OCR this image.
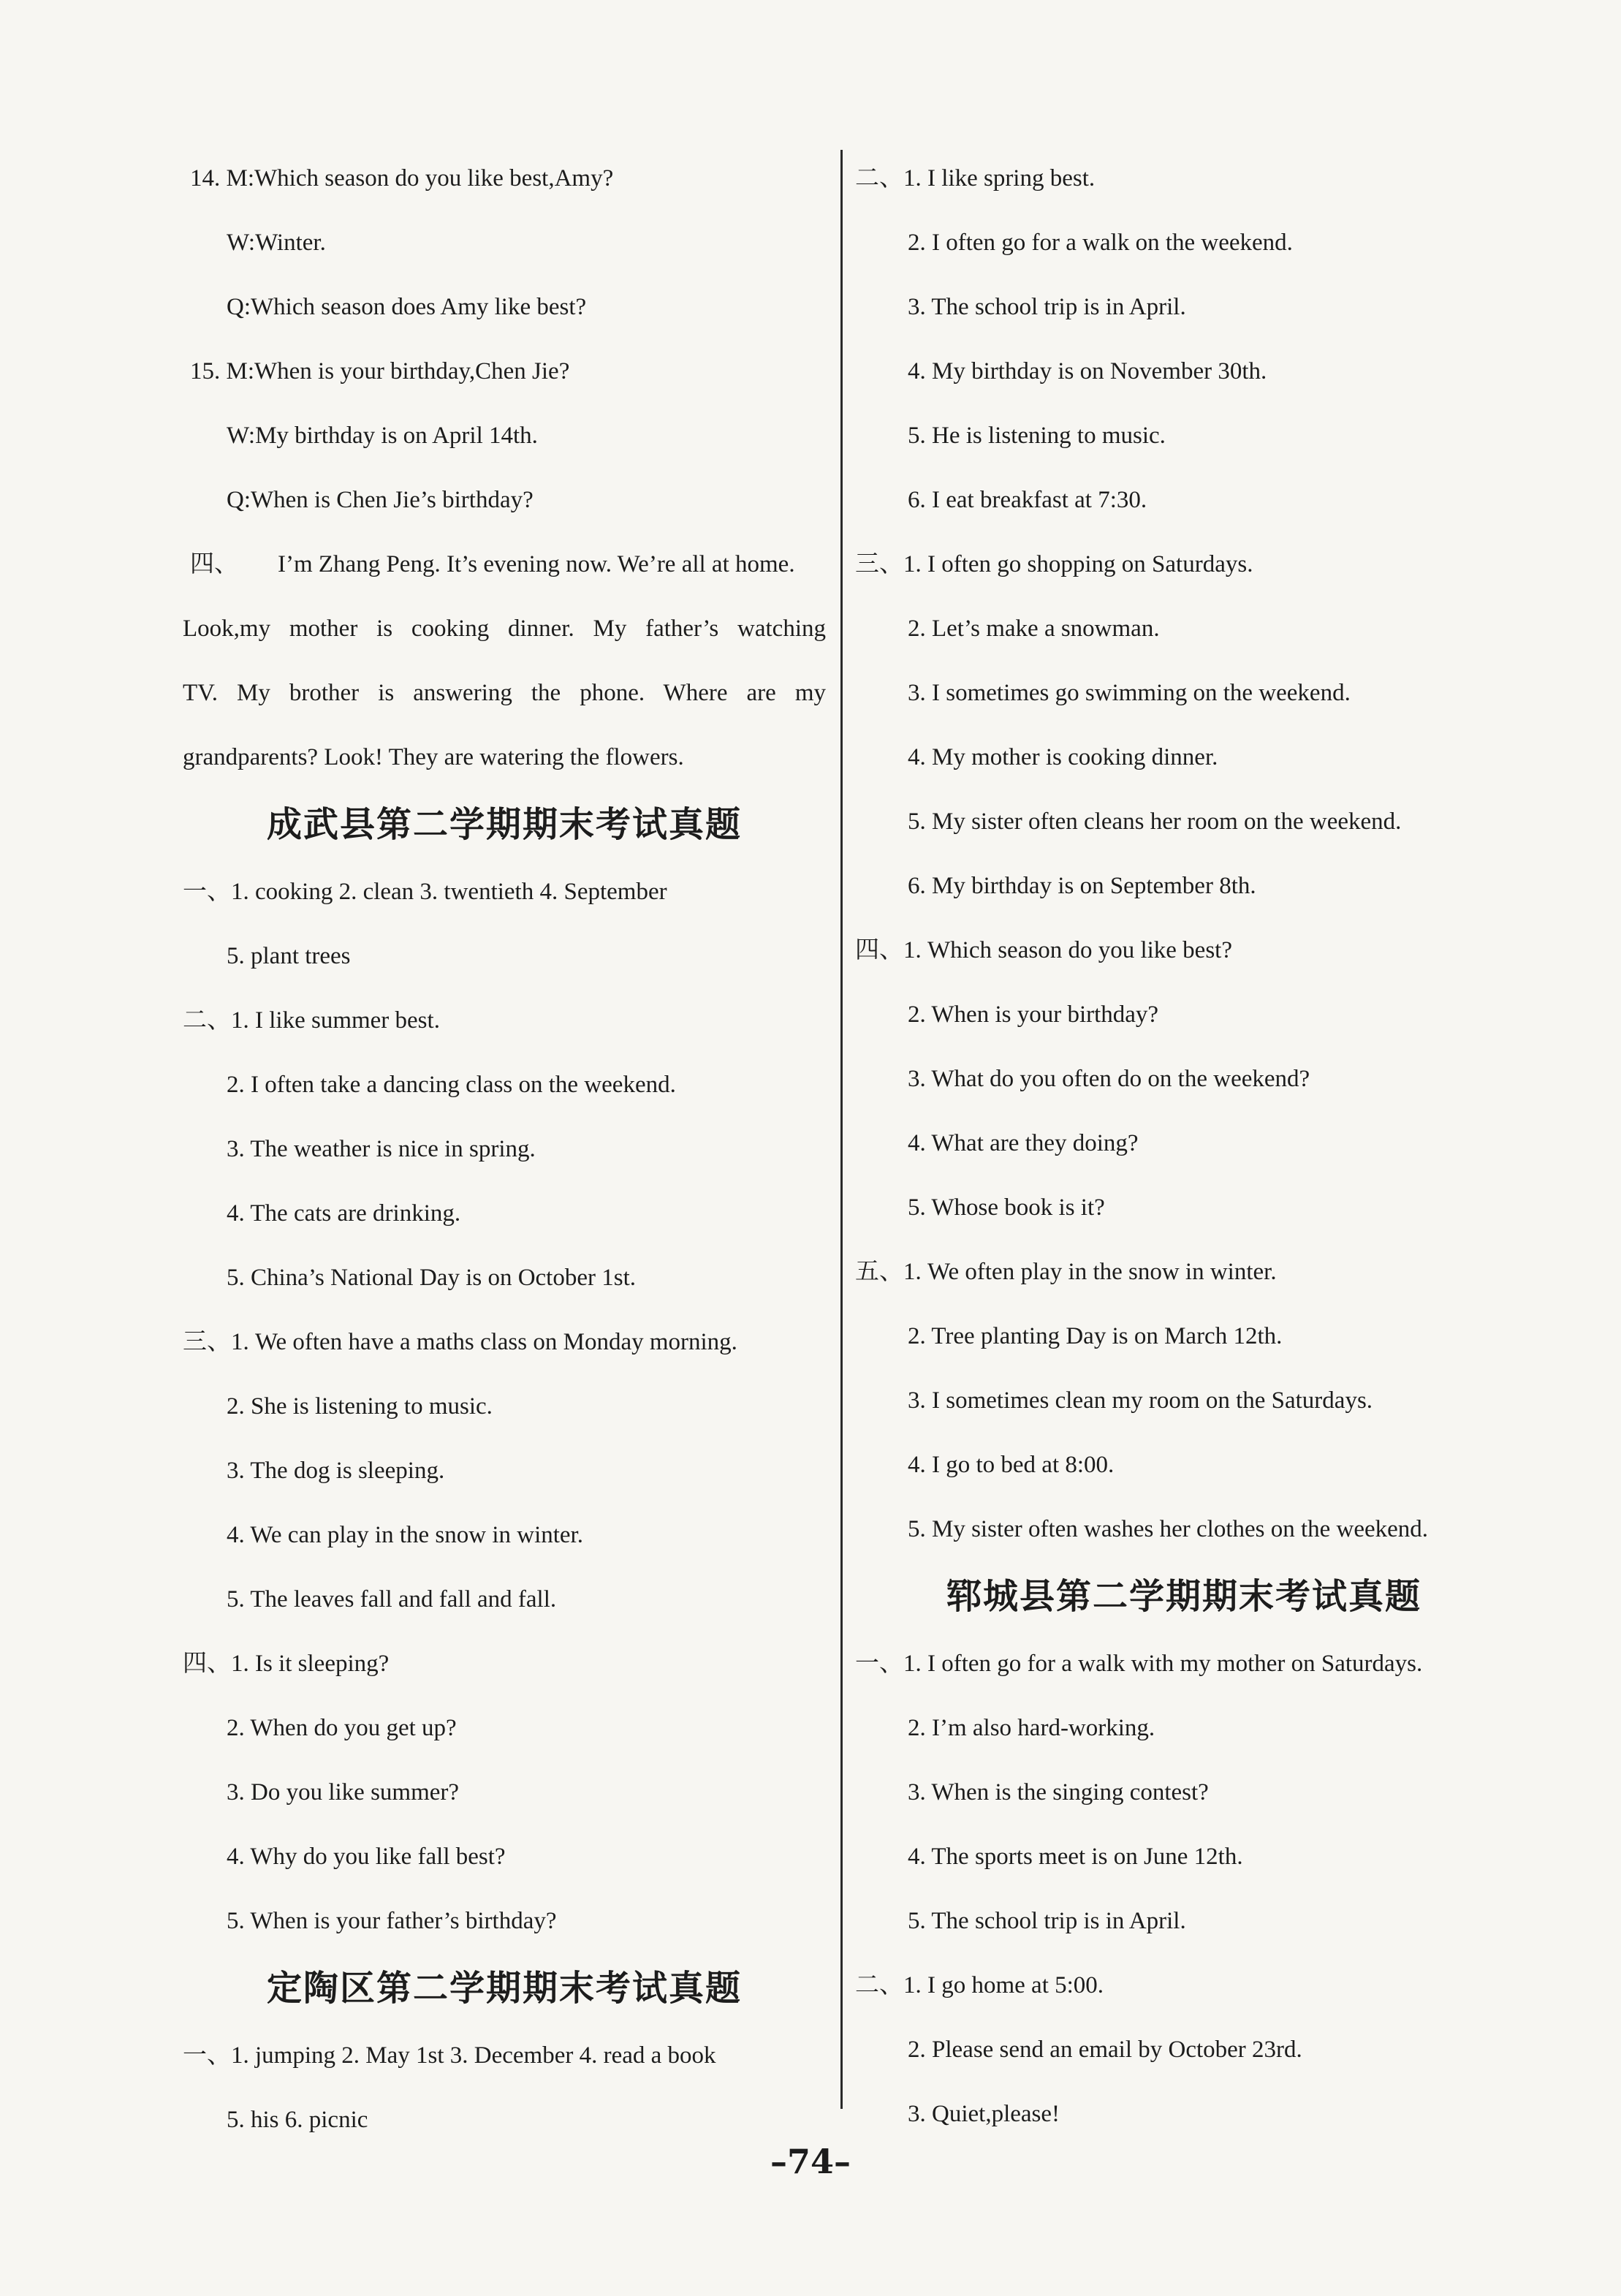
14. M:Which season do you like best,Amy?
W:Winter.
Q:Which season does Amy like best?
15. M:When is your birthday,Chen Jie?
W:My birthday is on April 14th.
Q:When is Chen Jie’s birthday?
四、 I’m Zhang Peng. It’s evening now. We’re all at home.
Look,my mother is cooking dinner. My father’s watching
TV. My brother is answering the phone. Where are my
grandparents? Look! They are watering the flowers.
成武县第二学期期末考试真题
一、1. cooking 2. clean 3. twentieth 4. September
5. plant trees
二、1. I like summer best.
2. I often take a dancing class on the weekend.
3. The weather is nice in spring.
4. The cats are drinking.
5. China’s National Day is on October 1st.
三、1. We often have a maths class on Monday morning.
2. She is listening to music.
3. The dog is sleeping.
4. We can play in the snow in winter.
5. The leaves fall and fall and fall.
四、1. Is it sleeping?
2. When do you get up?
3. Do you like summer?
4. Why do you like fall best?
5. When is your father’s birthday?
定陶区第二学期期末考试真题
一、1. jumping 2. May 1st 3. December 4. read a book
5. his 6. picnic
二、1. I like spring best.
2. I often go for a walk on the weekend.
3. The school trip is in April.
4. My birthday is on November 30th.
5. He is listening to music.
6. I eat breakfast at 7:30.
三、1. I often go shopping on Saturdays.
2. Let’s make a snowman.
3. I sometimes go swimming on the weekend.
4. My mother is cooking dinner.
5. My sister often cleans her room on the weekend.
6. My birthday is on September 8th.
四、1. Which season do you like best?
2. When is your birthday?
3. What do you often do on the weekend?
4. What are they doing?
5. Whose book is it?
五、1. We often play in the snow in winter.
2. Tree planting Day is on March 12th.
3. I sometimes clean my room on the Saturdays.
4. I go to bed at 8:00.
5. My sister often washes her clothes on the weekend.
郓城县第二学期期末考试真题
一、1. I often go for a walk with my mother on Saturdays.
2. I’m also hard-working.
3. When is the singing contest?
4. The sports meet is on June 12th.
5. The school trip is in April.
二、1. I go home at 5:00.
2. Please send an email by October 23rd.
3. Quiet,please!
–74–
